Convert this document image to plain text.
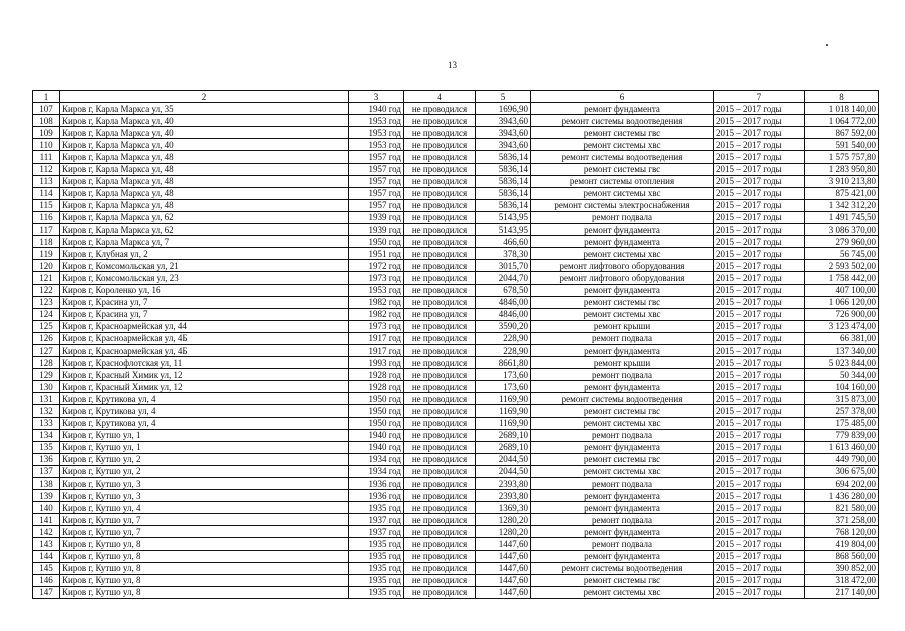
13
1	2	3	4	5	6	7	8
107	Киров г, Карла Маркса ул, 35	1940 год	не проводился	1696,90	ремонт фундамента	2015 – 2017 годы	1 018 140,00
108	Киров г, Карла Маркса ул, 40	1953 год	не проводился	3943,60	ремонт системы водоотведения	2015 – 2017 годы	1 064 772,00
109	Киров г, Карла Маркса ул, 40	1953 год	не проводился	3943,60	ремонт системы гвс	2015 – 2017 годы	867 592,00
110	Киров г, Карла Маркса ул, 40	1953 год	не проводился	3943,60	ремонт системы хвс	2015 – 2017 годы	591 540,00
111	Киров г, Карла Маркса ул, 48	1957 год	не проводился	5836,14	ремонт системы водоотведения	2015 – 2017 годы	1 575 757,80
112	Киров г, Карла Маркса ул, 48	1957 год	не проводился	5836,14	ремонт системы гвс	2015 – 2017 годы	1 283 950,80
113	Киров г, Карла Маркса ул, 48	1957 год	не проводился	5836,14	ремонт системы отопления	2015 – 2017 годы	3 910 213,80
114	Киров г, Карла Маркса ул, 48	1957 год	не проводился	5836,14	ремонт системы хвс	2015 – 2017 годы	875 421,00
115	Киров г, Карла Маркса ул, 48	1957 год	не проводился	5836,14	ремонт системы электроснабжения	2015 – 2017 годы	1 342 312,20
116	Киров г, Карла Маркса ул, 62	1939 год	не проводился	5143,95	ремонт подвала	2015 – 2017 годы	1 491 745,50
117	Киров г, Карла Маркса ул, 62	1939 год	не проводился	5143,95	ремонт фундамента	2015 – 2017 годы	3 086 370,00
118	Киров г, Карла Маркса ул, 7	1950 год	не проводился	466,60	ремонт фундамента	2015 – 2017 годы	279 960,00
119	Киров г, Клубная ул, 2	1951 год	не проводился	378,30	ремонт системы хвс	2015 – 2017 годы	56 745,00
120	Киров г, Комсомольская ул, 21	1972 год	не проводился	3015,70	ремонт лифтового оборудования	2015 – 2017 годы	2 593 502,00
121	Киров г, Комсомольская ул, 23	1973 год	не проводился	2044,70	ремонт лифтового оборудования	2015 – 2017 годы	1 758 442,00
122	Киров г, Короленко ул, 16	1953 год	не проводился	678,50	ремонт фундамента	2015 – 2017 годы	407 100,00
123	Киров г, Красина ул, 7	1982 год	не проводился	4846,00	ремонт системы гвс	2015 – 2017 годы	1 066 120,00
124	Киров г, Красина ул, 7	1982 год	не проводился	4846,00	ремонт системы хвс	2015 – 2017 годы	726 900,00
125	Киров г, Красноармейская ул, 44	1973 год	не проводился	3590,20	ремонт крыши	2015 – 2017 годы	3 123 474,00
126	Киров г, Красноармейская ул, 4Б	1917 год	не проводился	228,90	ремонт подвала	2015 – 2017 годы	66 381,00
127	Киров г, Красноармейская ул, 4Б	1917 год	не проводился	228,90	ремонт фундамента	2015 – 2017 годы	137 340,00
128	Киров г, Краснофлотская ул, 11	1993 год	не проводился	8661,80	ремонт крыши	2015 – 2017 годы	5 023 844,00
129	Киров г, Красный Химик ул, 12	1928 год	не проводился	173,60	ремонт подвала	2015 – 2017 годы	50 344,00
130	Киров г, Красный Химик ул, 12	1928 год	не проводился	173,60	ремонт фундамента	2015 – 2017 годы	104 160,00
131	Киров г, Крутикова ул, 4	1950 год	не проводился	1169,90	ремонт системы водоотведения	2015 – 2017 годы	315 873,00
132	Киров г, Крутикова ул, 4	1950 год	не проводился	1169,90	ремонт системы гвс	2015 – 2017 годы	257 378,00
133	Киров г, Крутикова ул, 4	1950 год	не проводился	1169,90	ремонт системы хвс	2015 – 2017 годы	175 485,00
134	Киров г, Кутшо ул, 1	1940 год	не проводился	2689,10	ремонт подвала	2015 – 2017 годы	779 839,00
135	Киров г, Кутшо ул, 1	1940 год	не проводился	2689,10	ремонт фундамента	2015 – 2017 годы	1 613 460,00
136	Киров г, Кутшо ул, 2	1934 год	не проводился	2044,50	ремонт системы гвс	2015 – 2017 годы	449 790,00
137	Киров г, Кутшо ул, 2	1934 год	не проводился	2044,50	ремонт системы хвс	2015 – 2017 годы	306 675,00
138	Киров г, Кутшо ул, 3	1936 год	не проводился	2393,80	ремонт подвала	2015 – 2017 годы	694 202,00
139	Киров г, Кутшо ул, 3	1936 год	не проводился	2393,80	ремонт фундамента	2015 – 2017 годы	1 436 280,00
140	Киров г, Кутшо ул, 4	1935 год	не проводился	1369,30	ремонт фундамента	2015 – 2017 годы	821 580,00
141	Киров г, Кутшо ул, 7	1937 год	не проводился	1280,20	ремонт подвала	2015 – 2017 годы	371 258,00
142	Киров г, Кутшо ул, 7	1937 год	не проводился	1280,20	ремонт фундамента	2015 – 2017 годы	768 120,00
143	Киров г, Кутшо ул, 8	1935 год	не проводился	1447,60	ремонт подвала	2015 – 2017 годы	419 804,00
144	Киров г, Кутшо ул, 8	1935 год	не проводился	1447,60	ремонт фундамента	2015 – 2017 годы	868 560,00
145	Киров г, Кутшо ул, 8	1935 год	не проводился	1447,60	ремонт системы водоотведения	2015 – 2017 годы	390 852,00
146	Киров г, Кутшо ул, 8	1935 год	не проводился	1447,60	ремонт системы гвс	2015 – 2017 годы	318 472,00
147	Киров г, Кутшо ул, 8	1935 год	не проводился	1447,60	ремонт системы хвс	2015 – 2017 годы	217 140,00
